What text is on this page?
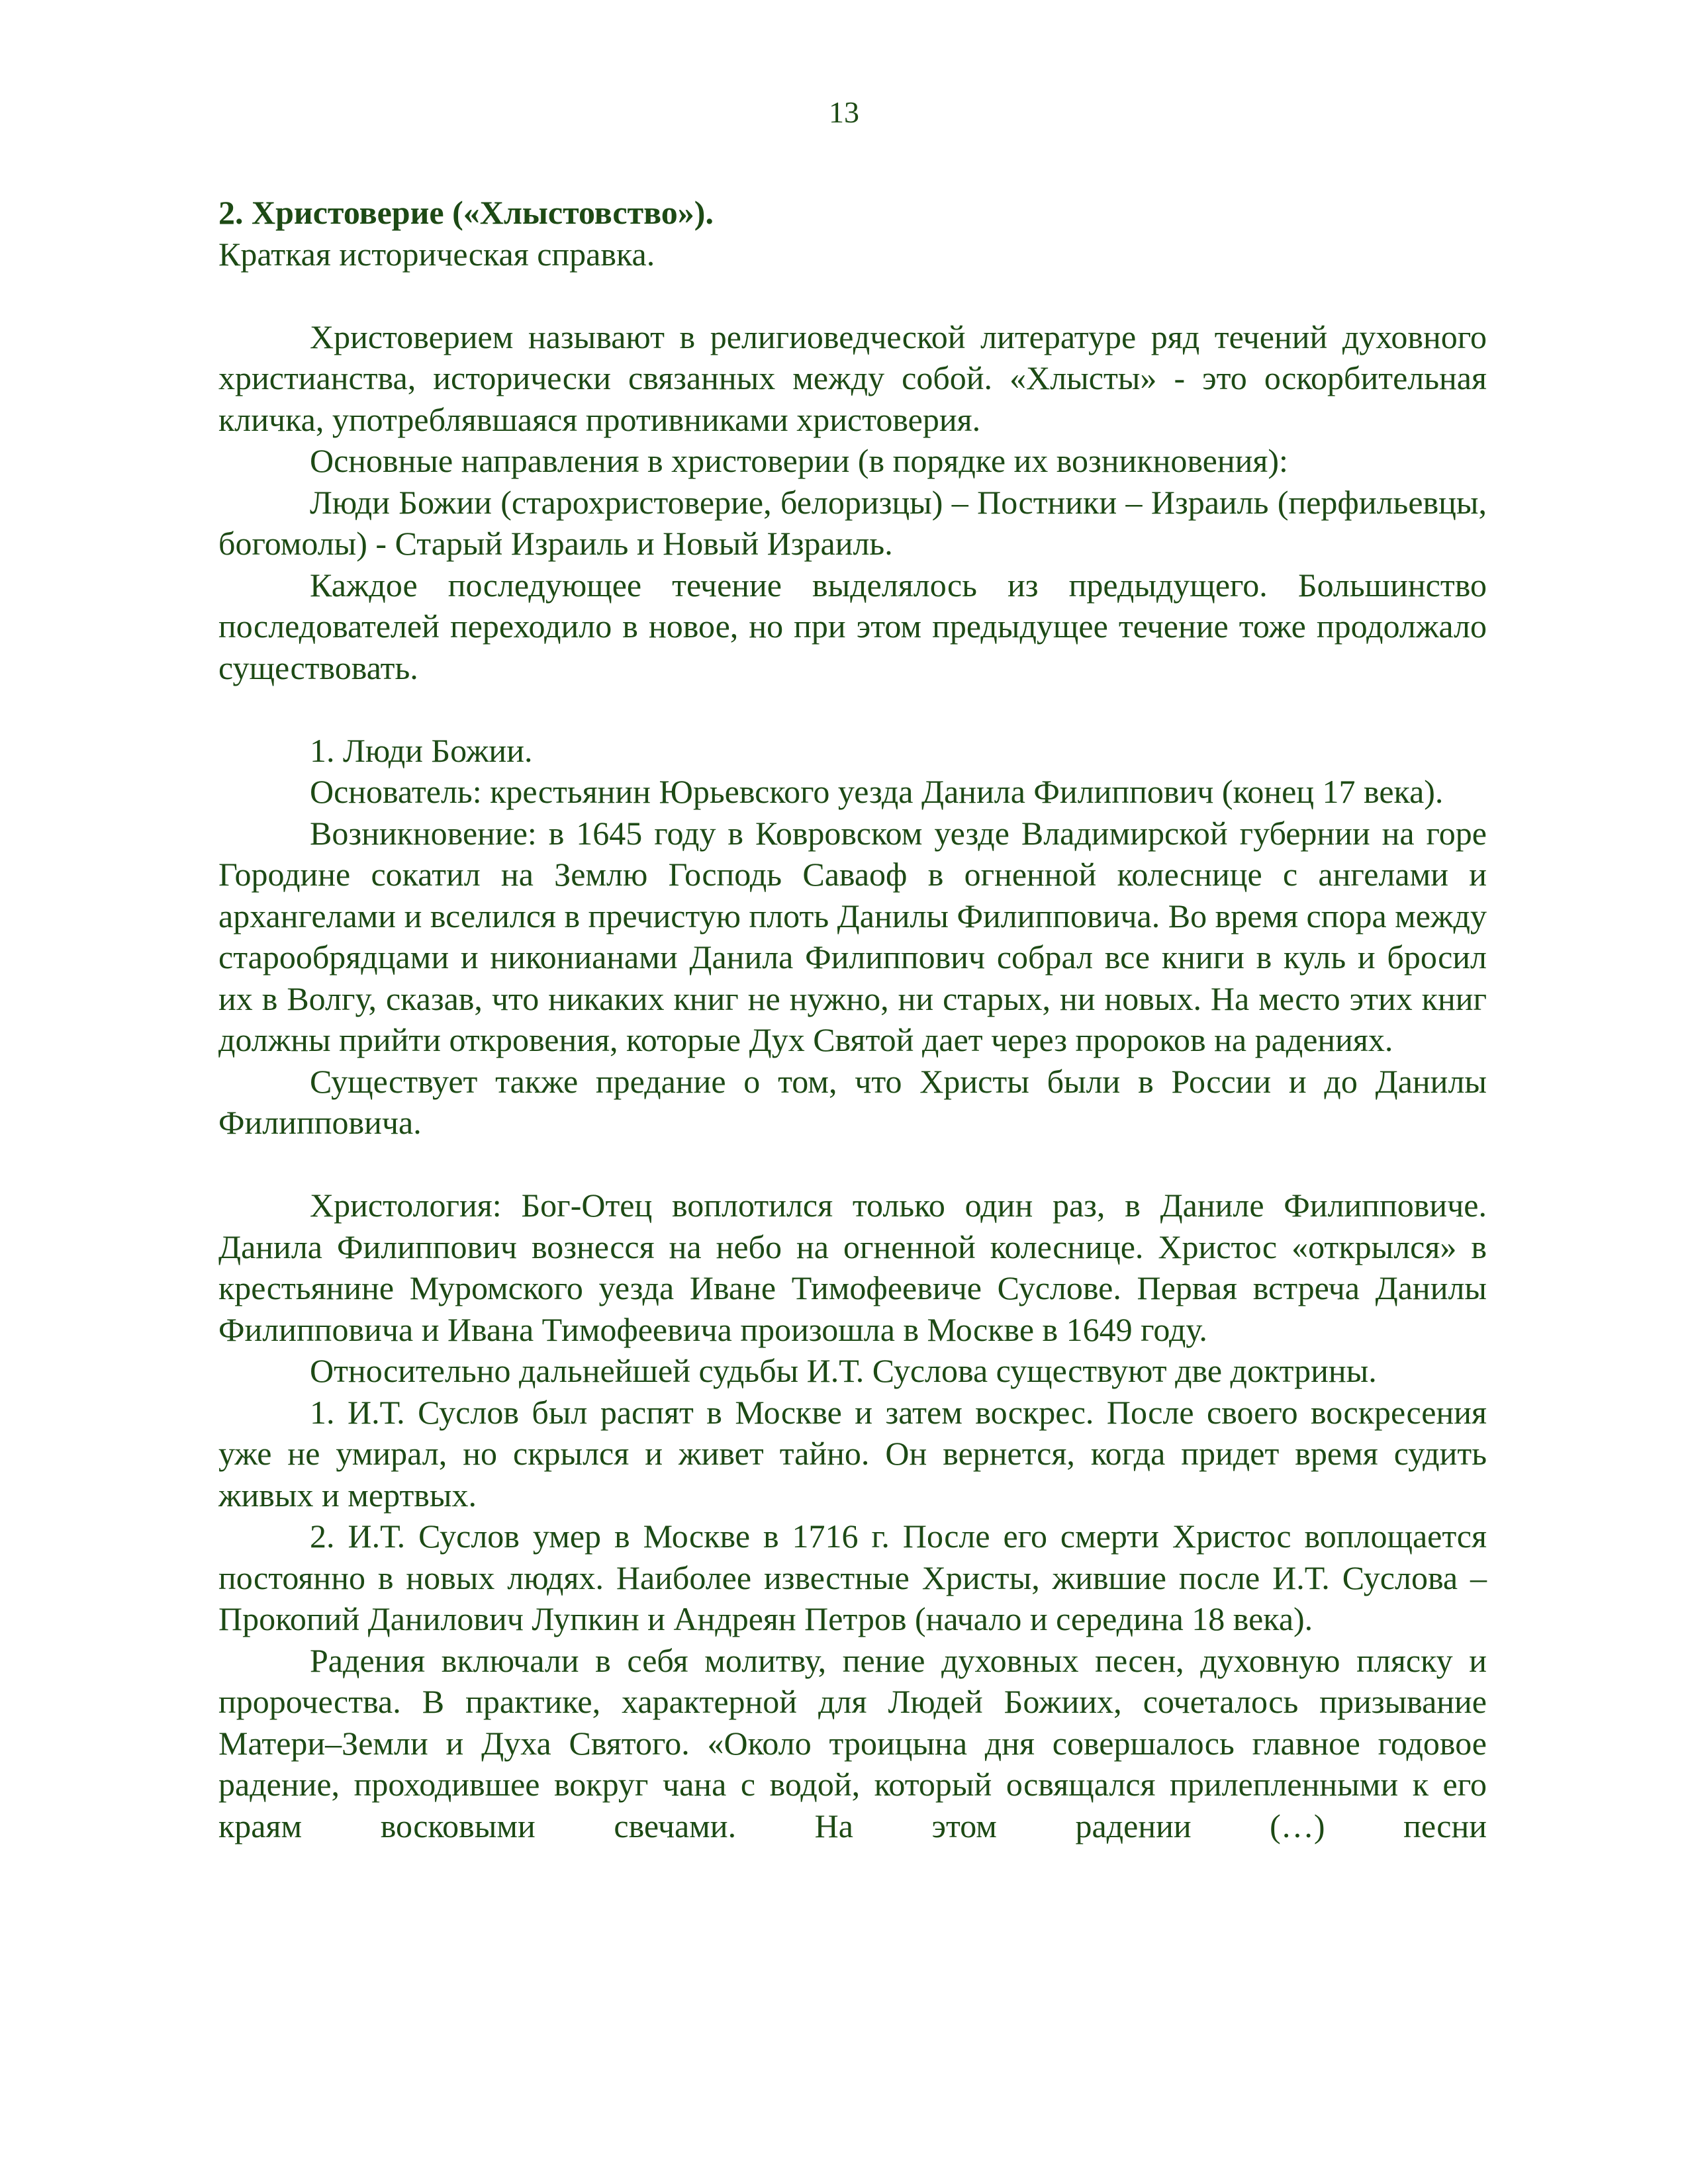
13
2. Христоверие («Хлыстовство»).
Краткая историческая справка.

Христоверием называют в религиоведческой литературе ряд течений духовного христианства, исторически связанных между собой. «Хлысты» - это оскорбительная кличка, употреблявшаяся противниками христоверия.

Основные направления в христоверии (в порядке их возникновения):

Люди Божии (старохристоверие, белоризцы) – Постники – Израиль (перфильевцы, богомолы) - Старый Израиль и Новый Израиль.

Каждое последующее течение выделялось из предыдущего. Большинство последователей переходило в новое, но при этом предыдущее течение тоже продолжало существовать.

1. Люди Божии.

Основатель: крестьянин Юрьевского уезда Данила Филиппович (конец 17 века).

Возникновение: в 1645 году в Ковровском уезде Владимирской губернии на горе Городине сокатил на Землю Господь Саваоф в огненной колеснице с ангелами и архангелами и вселился в пречистую плоть Данилы Филипповича. Во время спора между старообрядцами и никонианами Данила Филиппович собрал все книги в куль и бросил их в Волгу, сказав, что никаких книг не нужно, ни старых, ни новых. На место этих книг должны прийти откровения, которые Дух Святой дает через пророков на радениях.

Существует также предание о том, что Христы были в России и до Данилы Филипповича.

Христология: Бог-Отец воплотился только один раз, в Даниле Филипповиче. Данила Филиппович вознесся на небо на огненной колеснице. Христос «открылся» в крестьянине Муромского уезда Иване Тимофеевиче Суслове. Первая встреча Данилы Филипповича и Ивана Тимофеевича произошла в Москве в 1649 году.

Относительно дальнейшей судьбы И.Т. Суслова существуют две доктрины.

1. И.Т. Суслов был распят в Москве и затем воскрес. После своего воскресения уже не умирал, но скрылся и живет тайно. Он вернется, когда придет время судить живых и мертвых.

2. И.Т. Суслов умер в Москве в 1716 г. После его смерти Христос воплощается постоянно в новых людях. Наиболее известные Христы, жившие после И.Т. Суслова – Прокопий Данилович Лупкин и Андреян Петров (начало и середина 18 века).

Радения включали в себя молитву, пение духовных песен, духовную пляску и пророчества. В практике, характерной для Людей Божиих, сочеталось призывание Матери–Земли и Духа Святого. «Около троицына дня совершалось главное годовое радение, проходившее вокруг чана с водой, который освящался прилепленными к его краям восковыми свечами. На этом радении (…) песни
